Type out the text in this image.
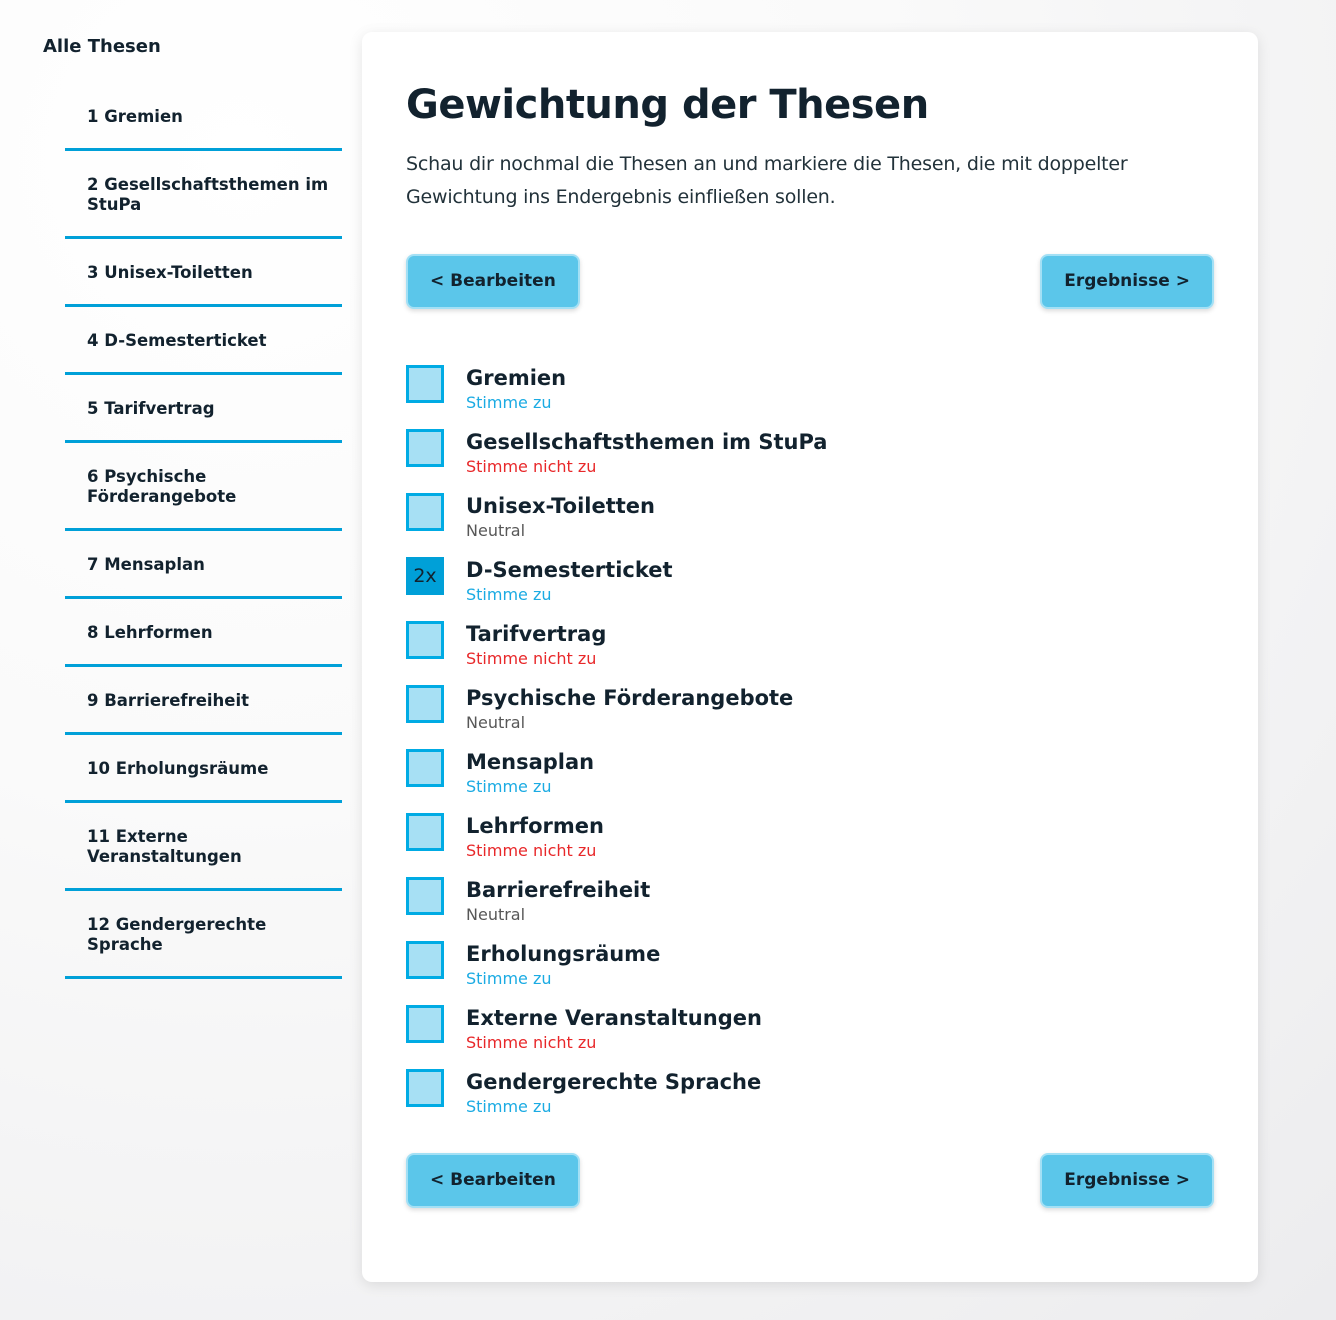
Alle Thesen
1 Gremien
2 Gesellschaftsthemen im StuPa
3 Unisex-Toiletten
4 D-Semesterticket
5 Tarifvertrag
6 Psychische Förderangebote
7 Mensaplan
8 Lehrformen
9 Barrierefreiheit
10 Erholungsräume
11 Externe Veranstaltungen
12 Gendergerechte Sprache
Gewichtung der Thesen

Schau dir nochmal die Thesen an und markiere die Thesen, die mit doppelter Gewichtung ins Endergebnis einfließen sollen.

< Bearbeiten	Ergebnisse >
Gremien
Stimme zu
Gesellschaftsthemen im StuPa
Stimme nicht zu
Unisex-Toiletten
Neutral
2x	D-Semesterticket
Stimme zu
Tarifvertrag
Stimme nicht zu
Psychische Förderangebote
Neutral
Mensaplan
Stimme zu
Lehrformen
Stimme nicht zu
Barrierefreiheit
Neutral
Erholungsräume
Stimme zu
Externe Veranstaltungen
Stimme nicht zu
Gendergerechte Sprache
Stimme zu
< Bearbeiten	Ergebnisse >
